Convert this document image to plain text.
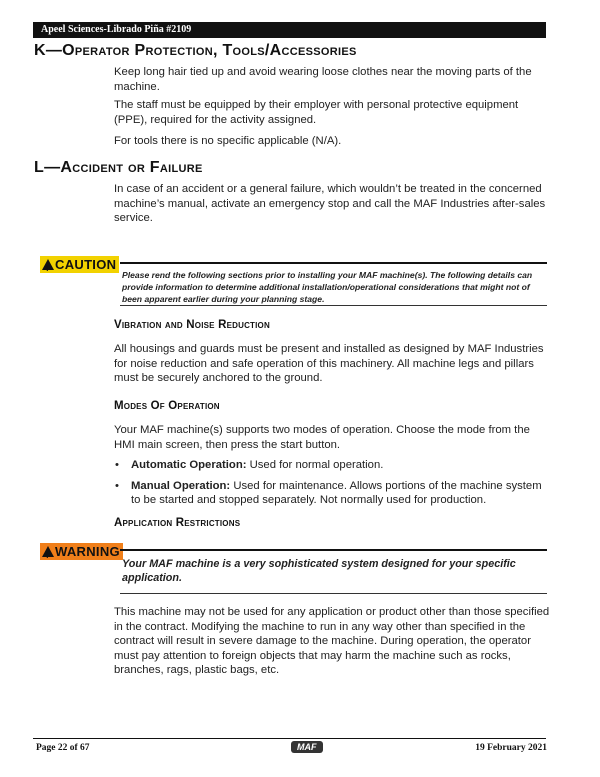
Apeel Sciences-Librado Piña #2109
K—Operator Protection, Tools/Accessories
Keep long hair tied up and avoid wearing loose clothes near the moving parts of the machine.
The staff must be equipped by their employer with personal protective equipment (PPE), required for the activity assigned.
For tools there is no specific applicable (N/A).
L—Accident or Failure
In case of an accident or a general failure, which wouldn’t be treated in the concerned machine’s manual, activate an emergency stop and call the MAF Industries after-sales service.
!CAUTION
Please rend the following sections prior to installing your MAF machine(s). The following details can provide information to determine additional installation/operational considerations that might not of been apparent earlier during your planning stage.
Vibration and Noise Reduction
All housings and guards must be present and installed as designed by MAF Industries for noise reduction and safe operation of this machinery. All machine legs and pillars must be securely anchored to the ground.
Modes Of Operation
Your MAF machine(s) supports two modes of operation. Choose the mode from the HMI main screen, then press the start button.
• Automatic Operation: Used for normal operation.
• Manual Operation: Used for maintenance. Allows portions of the machine system to be started and stopped separately. Not normally used for production.
Application Restrictions
!WARNING
Your MAF machine is a very sophisticated system designed for your specific application.
This machine may not be used for any application or product other than those specified in the contract. Modifying the machine to run in any way other than specified in the contract will result in severe damage to the machine. During operation, the operator must pay attention to foreign objects that may harm the machine such as rocks, branches, rags, plastic bags, etc.
Page 22 of 67	MAF	19 February 2021
